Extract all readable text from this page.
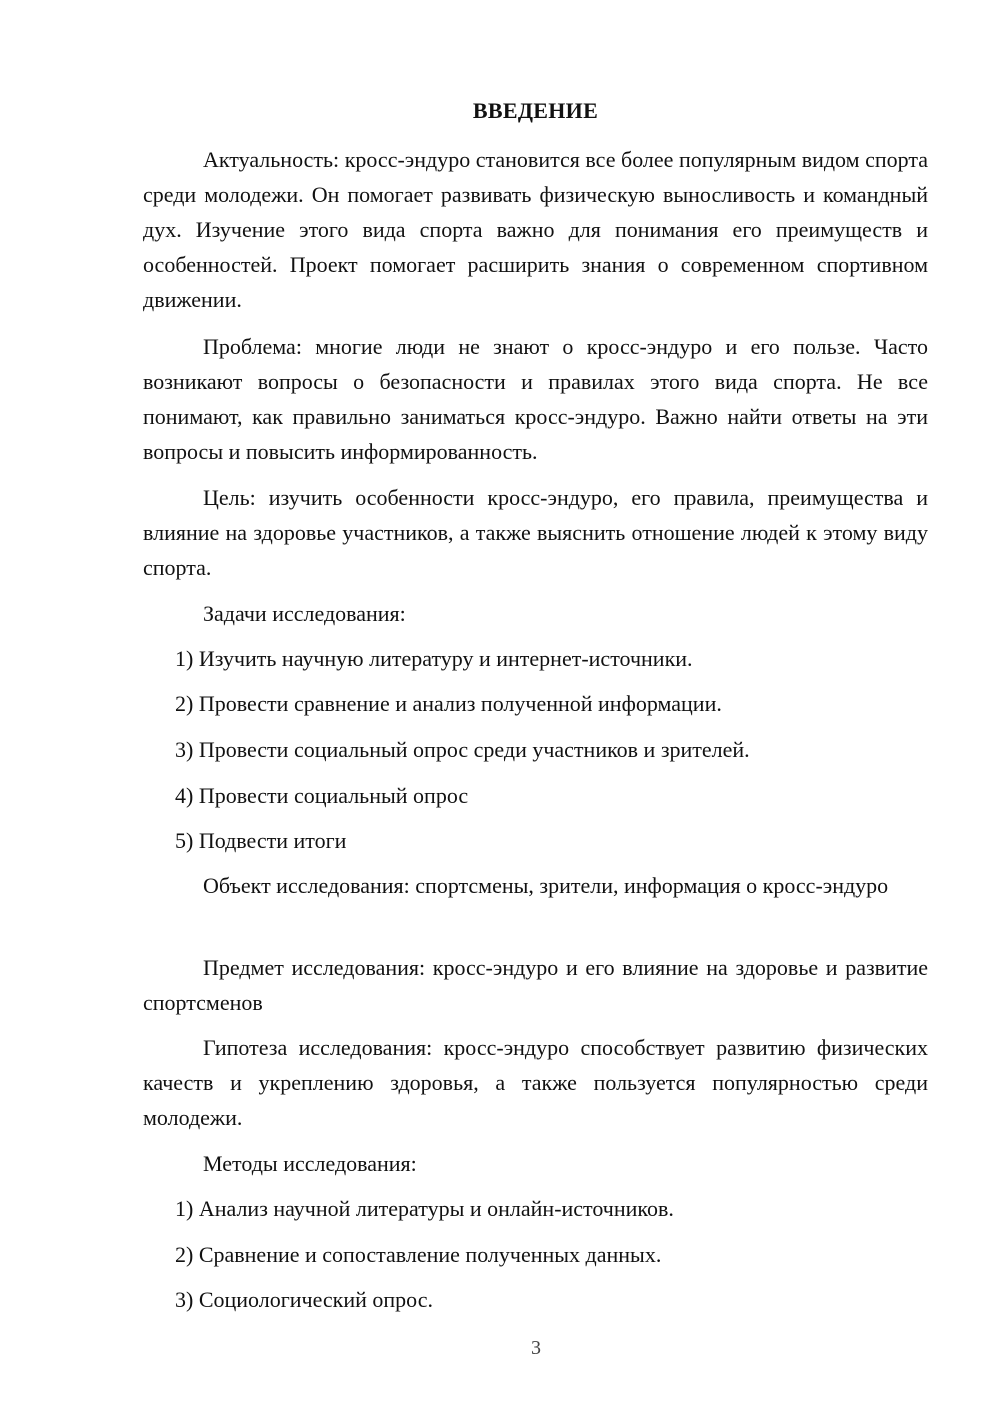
ВВЕДЕНИЕ

Актуальность: кросс-эндуро становится все более популярным видом спорта среди молодежи. Он помогает развивать физическую выносливость и командный дух. Изучение этого вида спорта важно для понимания его преимуществ и особенностей. Проект помогает расширить знания о современном спортивном движении.

Проблема: многие люди не знают о кросс-эндуро и его пользе. Часто возникают вопросы о безопасности и правилах этого вида спорта. Не все понимают, как правильно заниматься кросс-эндуро. Важно найти ответы на эти вопросы и повысить информированность.

Цель: изучить особенности кросс-эндуро, его правила, преимущества и влияние на здоровье участников, а также выяснить отношение людей к этому виду спорта.

Задачи исследования:

1) Изучить научную литературу и интернет-источники.

2) Провести сравнение и анализ полученной информации.

3) Провести социальный опрос среди участников и зрителей.

4) Провести социальный опрос

5) Подвести итоги

Объект исследования: спортсмены, зрители, информация о кросс-эндуро

Предмет исследования: кросс-эндуро и его влияние на здоровье и развитие спортсменов

Гипотеза исследования: кросс-эндуро способствует развитию физических качеств и укреплению здоровья, а также пользуется популярностью среди молодежи.

Методы исследования:

1) Анализ научной литературы и онлайн-источников.

2) Сравнение и сопоставление полученных данных.

3) Социологический опрос.

3
